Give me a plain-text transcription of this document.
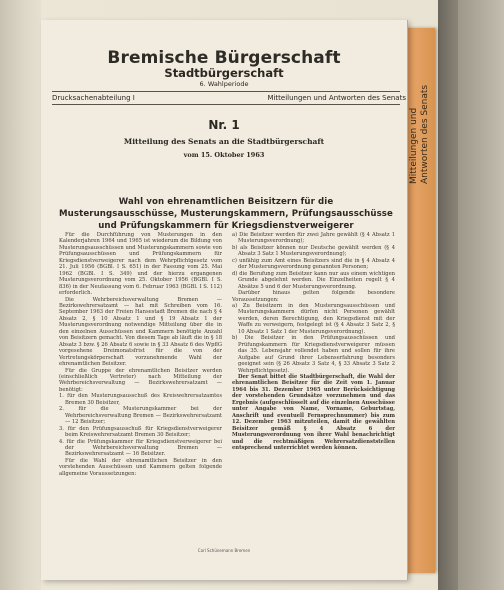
Mitteilungen und Antworten des Senats
Bremische Bürgerschaft
Stadtbürgerschaft
6. Wahlperiode
Drucksachenabteilung I	Mitteilungen und Antworten des Senats
Nr. 1
Mitteilung des Senats an die Stadtbürgerschaft
vom 15. Oktober 1963
Wahl von ehrenamtlichen Beisitzern für die Musterungsausschüsse, Musterungskammern, Prüfungsausschüsse und Prüfungskammern für Kriegsdienstverweigerer

Für die Durchführung von Musterungen in den Kalenderjahren 1964 und 1965 ist wiederum die Bildung von Musterungsausschüssen und Musterungskammern sowie von Prüfungsausschüssen und Prüfungskammern für Kriegsdienstverweigerer nach dem Wehrpflichtgesetz vom 21. Juli 1956 (BGBl. I S. 651) in der Fassung vom 25. Mai 1962 (BGBl. I S. 349) und der hierzu ergangenen Musterungsverordnung vom 25. Oktober 1956 (BGBl. I S. 836) in der Neufassung vom 6. Februar 1963 (BGBl. I S. 112) erforderlich.

Die Wehrbereichsverwaltung Bremen — Bezirkswehrersatzamt — hat mit Schreiben vom 16. September 1963 der Freien Hansestadt Bremen die nach § 4 Absatz 2, § 10 Absatz 1 und § 19 Absatz 1 der Musterungsverordnung notwendige Mitteilung über die in den einzelnen Ausschüssen und Kammern benötigte Anzahl von Beisitzern gemacht. Von diesem Tage ab läuft die in § 18 Absatz 3 bzw. § 26 Absatz 6 sowie in § 33 Absatz 6 des WpflG vorgesehene Dreimonatsfrist für die von der Vertretungskörperschaft vorzunehmende Wahl der ehrenamtlichen Beisitzer.

Für die Gruppe der ehrenamtlichen Beisitzer werden (einschließlich Vertreter) nach Mitteilung der Wehrbereichsverwaltung — Bezirkswehrersatzamt — benötigt:

1. für den Musterungsausschuß des Kreiswehrersatzamtes Bremen 30 Beisitzer,

2. für die Musterungskammer bei der Wehrbereichsverwaltung Bremen — Bezirkswehrersatzamt — 12 Beisitzer;

3. für den Prüfungsausschuß für Kriegsdienstverweigerer beim Kreiswehrersatzamt Bremen 30 Beisitzer;

4. für die Prüfungskammer für Kriegsdienstverweigerer bei der Wehrbereichsverwaltung Bremen — Bezirkswehrersatzamt — 16 Beisitzer.

Für die Wahl der ehrenamtlichen Beisitzer in den vorstehenden Ausschüssen und Kammern gelten folgende allgemeine Voraussetzungen:

a) Die Beisitzer werden für zwei Jahre gewählt (§ 4 Absatz 1 Musterungsverordnung);

b) als Beisitzer können nur Deutsche gewählt werden (§ 4 Absatz 3 Satz 1 Musterungsverordnung);

c) unfähig zum Amt eines Beisitzers sind die in § 4 Absatz 4 der Musterungsverordnung genannten Personen;

d) die Berufung zum Beisitzer kann nur aus einem wichtigen Grunde abgelehnt werden. Die Einzelheiten regelt § 4 Absätze 5 und 6 der Musterungsverordnung.

Darüber hinaus gelten folgende besondere Voraussetzungen:

a) Zu Beisitzern in den Musterungsausschüssen und Musterungskammern dürfen nicht Personen gewählt werden, deren Berechtigung, den Kriegsdienst mit der Waffe zu verweigern, festgelegt ist (§ 4 Absatz 3 Satz 2, § 10 Absatz 1 Satz 1 der Musterungsverordnung).

b) Die Beisitzer in den Prüfungsausschüssen und Prüfungskammern für Kriegsdienstverweigerer müssen das 35. Lebensjahr vollendet haben und sollen für ihre Aufgabe auf Grund ihrer Lebenserfahrung besonders geeignet sein (§ 26 Absatz 3 Satz 4, § 33 Absatz 3 Satz 2 Wehrpflichtgesetz).

Der Senat bittet die Stadtbürgerschaft, die Wahl der ehrenamtlichen Beisitzer für die Zeit vom 1. Januar 1964 bis 31. Dezember 1965 unter Berücksichtigung der vorstehenden Grundsätze vorzunehmen und das Ergebnis (aufgeschlüsselt auf die einzelnen Ausschüsse unter Angabe von Name, Vorname, Geburtstag, Anschrift und eventuell Fernsprechnummer) bis zum 12. Dezember 1963 mitzuteilen, damit die gewählten Beisitzer gemäß § 4 Absatz 6 der Musterungsverordnung von ihrer Wahl benachrichtigt und die rechtmäßigen Wehrersatzdienststellen entsprechend unterrichtet werden können.

Carl Schünemann Bremen
